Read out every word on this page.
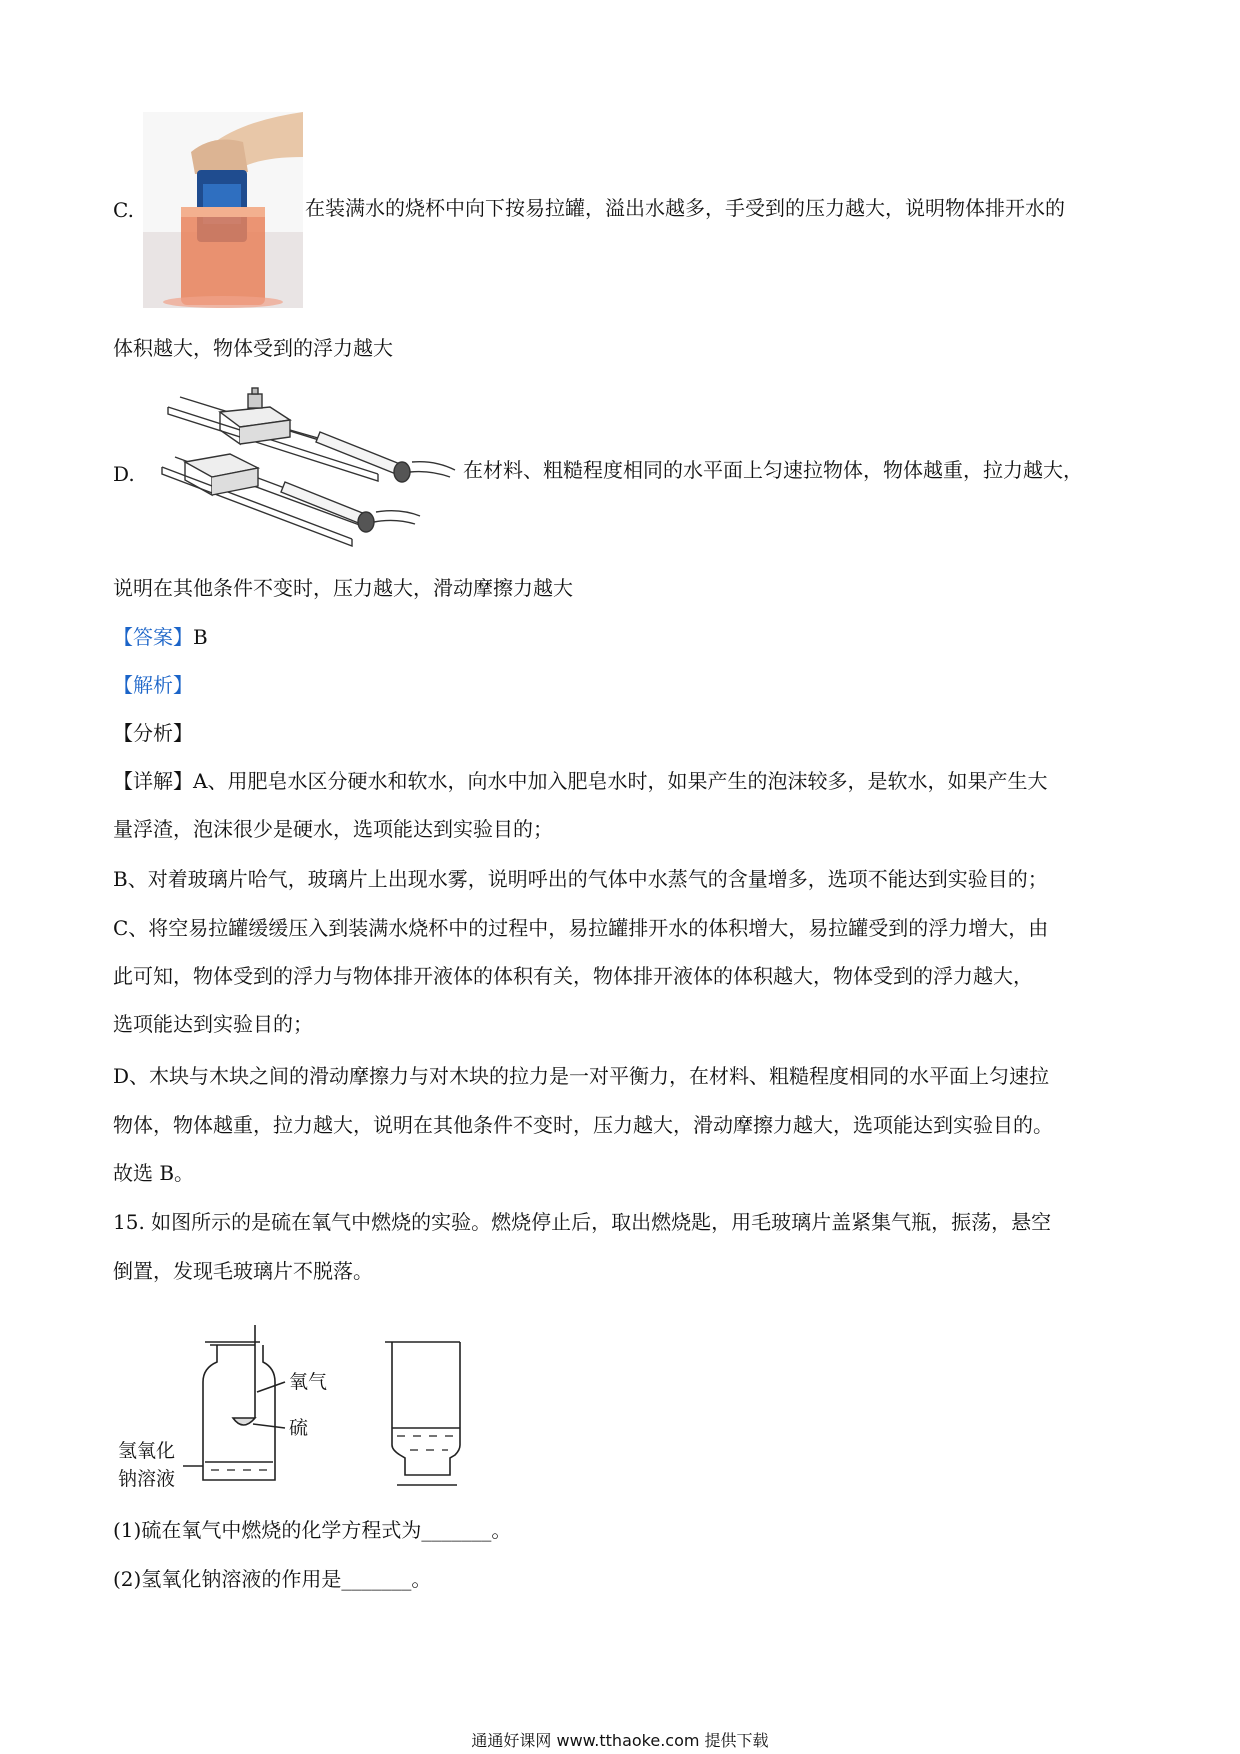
C.	在装满水的烧杯中向下按易拉罐，溢出水越多，手受到的压力越大，说明物体排开水的
体积越大，物体受到的浮力越大
D.	在材料、粗糙程度相同的水平面上匀速拉物体，物体越重，拉力越大，
说明在其他条件不变时，压力越大，滑动摩擦力越大
【答案】B
【解析】
【分析】
【详解】A、用肥皂水区分硬水和软水，向水中加入肥皂水时，如果产生的泡沫较多，是软水，如果产生大
量浮渣，泡沫很少是硬水，选项能达到实验目的；
B、对着玻璃片哈气，玻璃片上出现水雾，说明呼出的气体中水蒸气的含量增多，选项不能达到实验目的；
C、将空易拉罐缓缓压入到装满水烧杯中的过程中，易拉罐排开水的体积增大，易拉罐受到的浮力增大，由
此可知，物体受到的浮力与物体排开液体的体积有关，物体排开液体的体积越大，物体受到的浮力越大，
选项能达到实验目的；
D、木块与木块之间的滑动摩擦力与对木块的拉力是一对平衡力，在材料、粗糙程度相同的水平面上匀速拉
物体，物体越重，拉力越大，说明在其他条件不变时，压力越大，滑动摩擦力越大，选项能达到实验目的。
故选 B。
15. 如图所示的是硫在氧气中燃烧的实验。燃烧停止后，取出燃烧匙，用毛玻璃片盖紧集气瓶，振荡，悬空
倒置，发现毛玻璃片不脱落。
氧气
硫
氢氧化
钠溶液
(1)硫在氧气中燃烧的化学方程式为_______。
(2)氢氧化钠溶液的作用是_______。
通通好课网 www.tthaoke.com 提供下载
